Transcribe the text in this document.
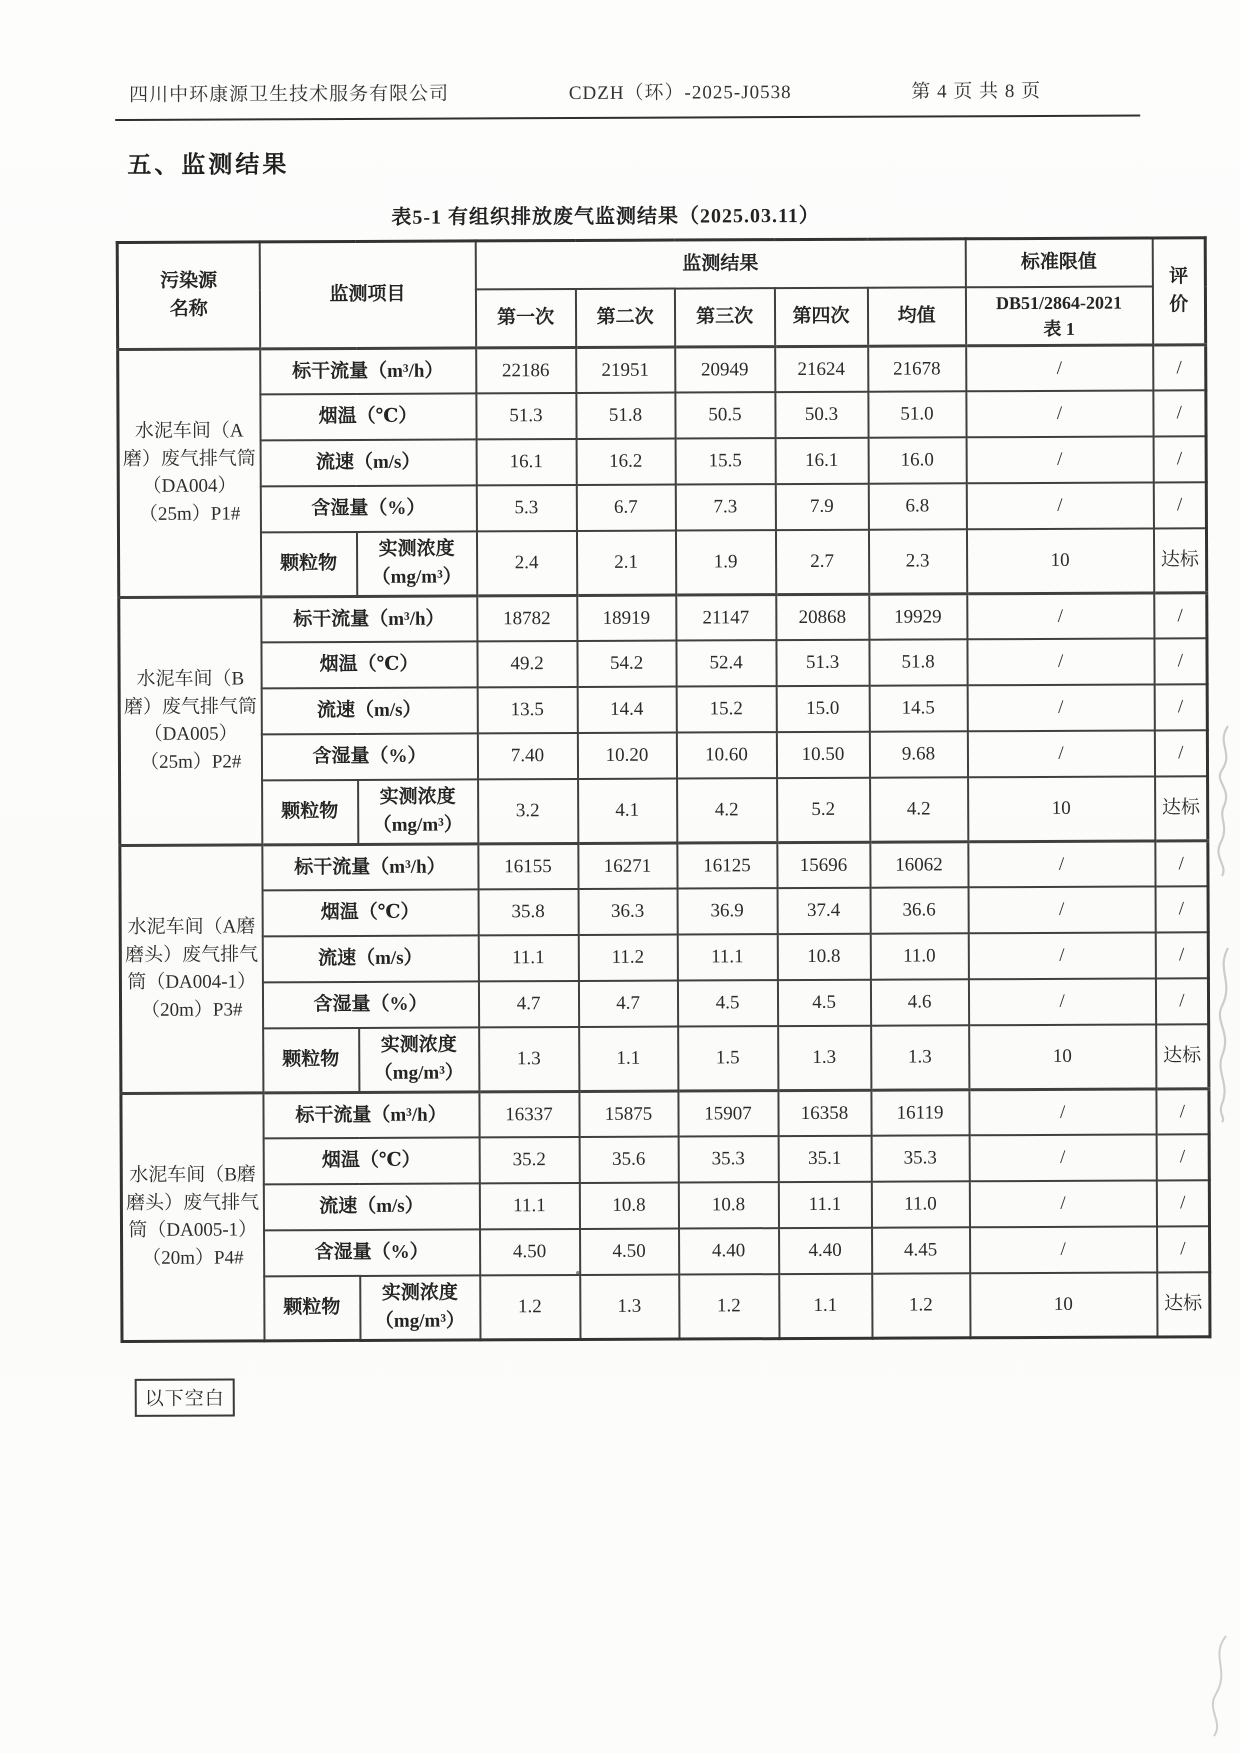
四川中环康源卫生技术服务有限公司	CDZH（环）-2025-J0538	第 4 页 共 8 页
五、监测结果
表5-1 有组织排放废气监测结果（2025.03.11）
污染源
名称	监测项目		监测结果					标准限值	评
价
			第一次	第二次	第三次	第四次	均值	DB51/2864-2021
表 1	
水泥车间（A磨）废气排气筒（DA004）（25m）P1#	标干流量（m³/h）		22186	21951	20949	21624	21678	/	/
	烟温（℃）		51.3	51.8	50.5	50.3	51.0	/	/
	流速（m/s）		16.1	16.2	15.5	16.1	16.0	/	/
	含湿量（%）		5.3	6.7	7.3	7.9	6.8	/	/
	颗粒物	实测浓度
（mg/m³）	2.4	2.1	1.9	2.7	2.3	10	达标
水泥车间（B磨）废气排气筒（DA005）（25m）P2#	标干流量（m³/h）		18782	18919	21147	20868	19929	/	/
	烟温（℃）		49.2	54.2	52.4	51.3	51.8	/	/
	流速（m/s）		13.5	14.4	15.2	15.0	14.5	/	/
	含湿量（%）		7.40	10.20	10.60	10.50	9.68	/	/
	颗粒物	实测浓度
（mg/m³）	3.2	4.1	4.2	5.2	4.2	10	达标
水泥车间（A磨磨头）废气排气筒（DA004-1）（20m）P3#	标干流量（m³/h）		16155	16271	16125	15696	16062	/	/
	烟温（℃）		35.8	36.3	36.9	37.4	36.6	/	/
	流速（m/s）		11.1	11.2	11.1	10.8	11.0	/	/
	含湿量（%）		4.7	4.7	4.5	4.5	4.6	/	/
	颗粒物	实测浓度
（mg/m³）	1.3	1.1	1.5	1.3	1.3	10	达标
水泥车间（B磨磨头）废气排气筒（DA005-1）（20m）P4#	标干流量（m³/h）		16337	15875	15907	16358	16119	/	/
	烟温（℃）		35.2	35.6	35.3	35.1	35.3	/	/
	流速（m/s）		11.1	10.8	10.8	11.1	11.0	/	/
	含湿量（%）		4.50	4.50	4.40	4.40	4.45	/	/
	颗粒物	实测浓度
（mg/m³）	1.2	1.3	1.2	1.1	1.2	10	达标
以下空白
